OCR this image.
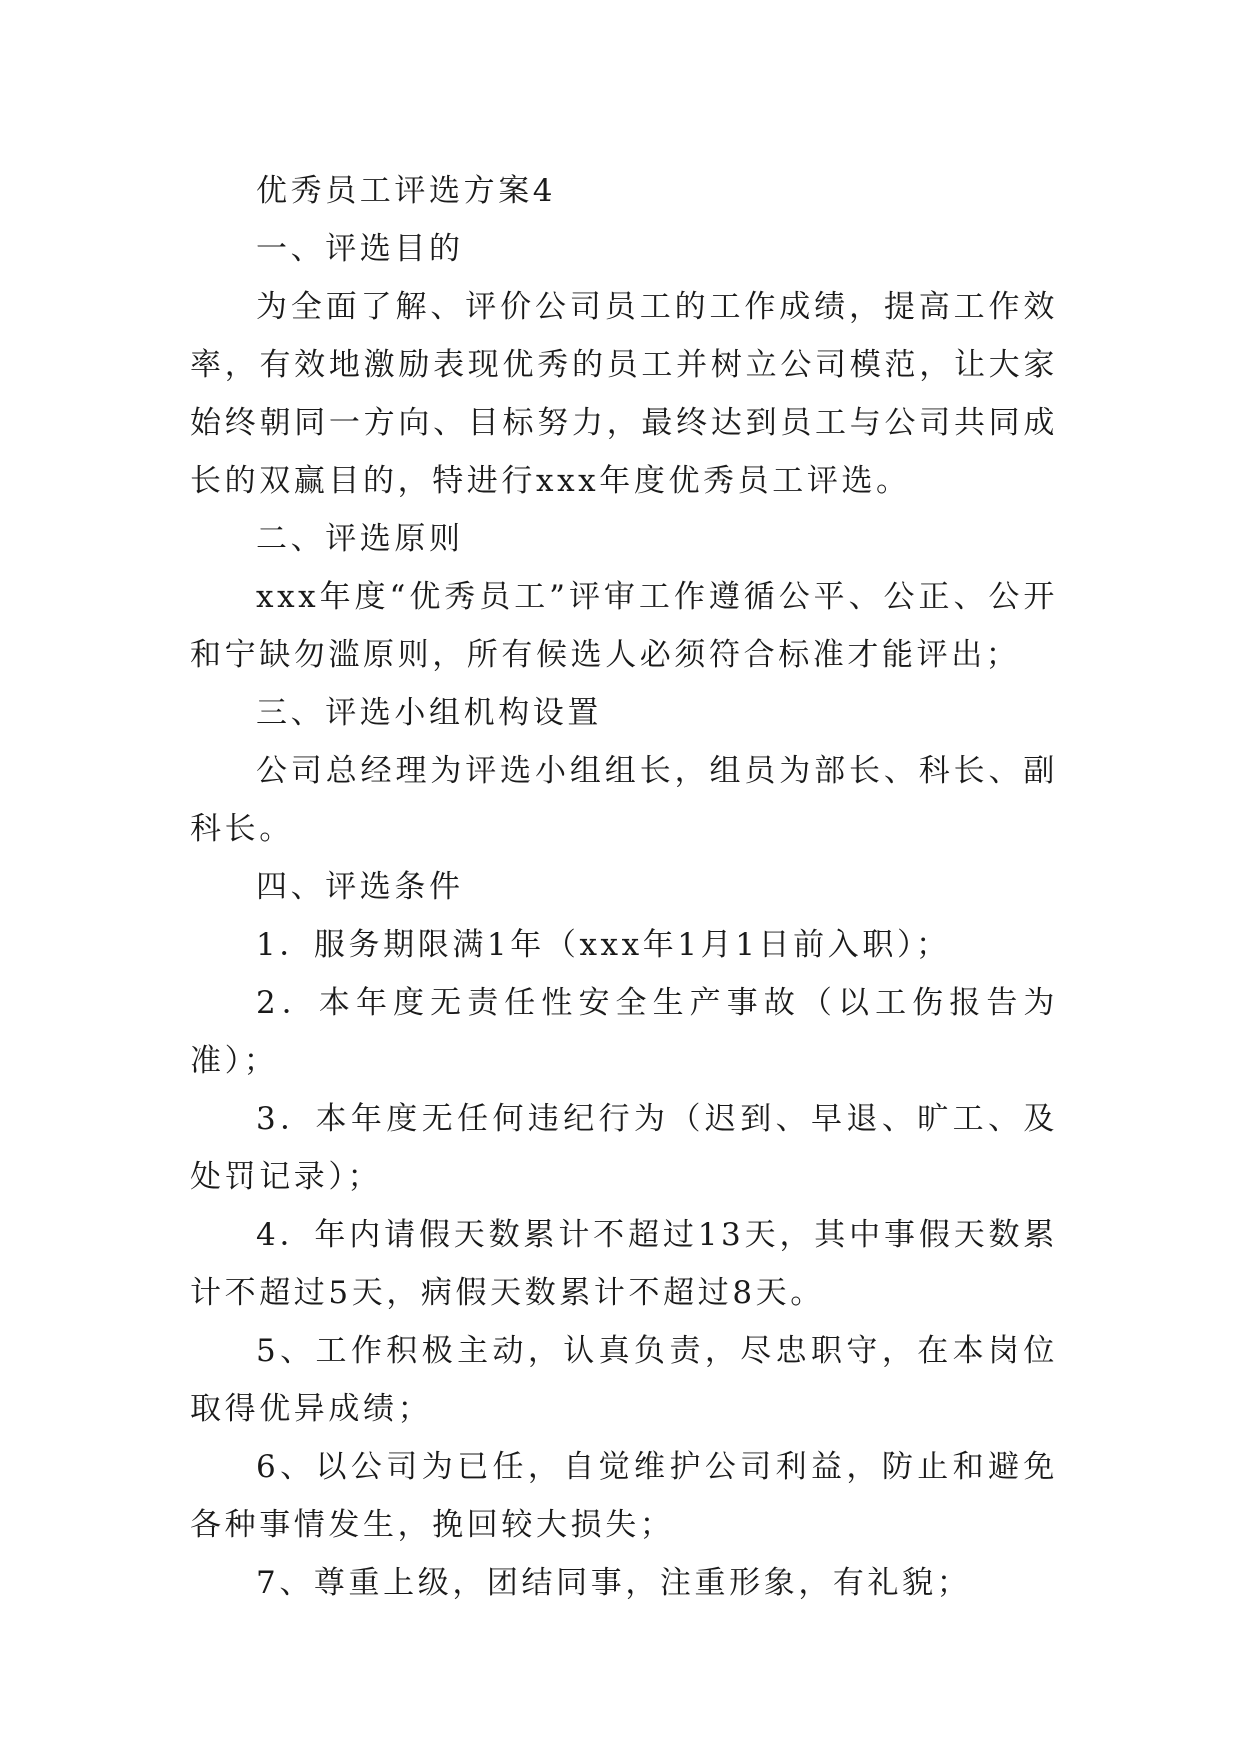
优秀员工评选方案4

一、评选目的

为全面了解、评价公司员工的工作成绩，提高工作效率，有效地激励表现优秀的员工并树立公司模范，让大家始终朝同一方向、目标努力，最终达到员工与公司共同成长的双赢目的，特进行xxx年度优秀员工评选。

二、评选原则

xxx年度“优秀员工”评审工作遵循公平、公正、公开和宁缺勿滥原则，所有候选人必须符合标准才能评出；

三、评选小组机构设置

公司总经理为评选小组组长，组员为部长、科长、副科长。

四、评选条件

1．服务期限满1年（xxx年1月1日前入职）；

2．本年度无责任性安全生产事故（以工伤报告为准）；

3．本年度无任何违纪行为（迟到、早退、旷工、及处罚记录）；

4．年内请假天数累计不超过13天，其中事假天数累计不超过5天，病假天数累计不超过8天。

5、工作积极主动，认真负责，尽忠职守，在本岗位取得优异成绩；

6、以公司为已任，自觉维护公司利益，防止和避免各种事情发生，挽回较大损失；

7、尊重上级，团结同事，注重形象，有礼貌；
